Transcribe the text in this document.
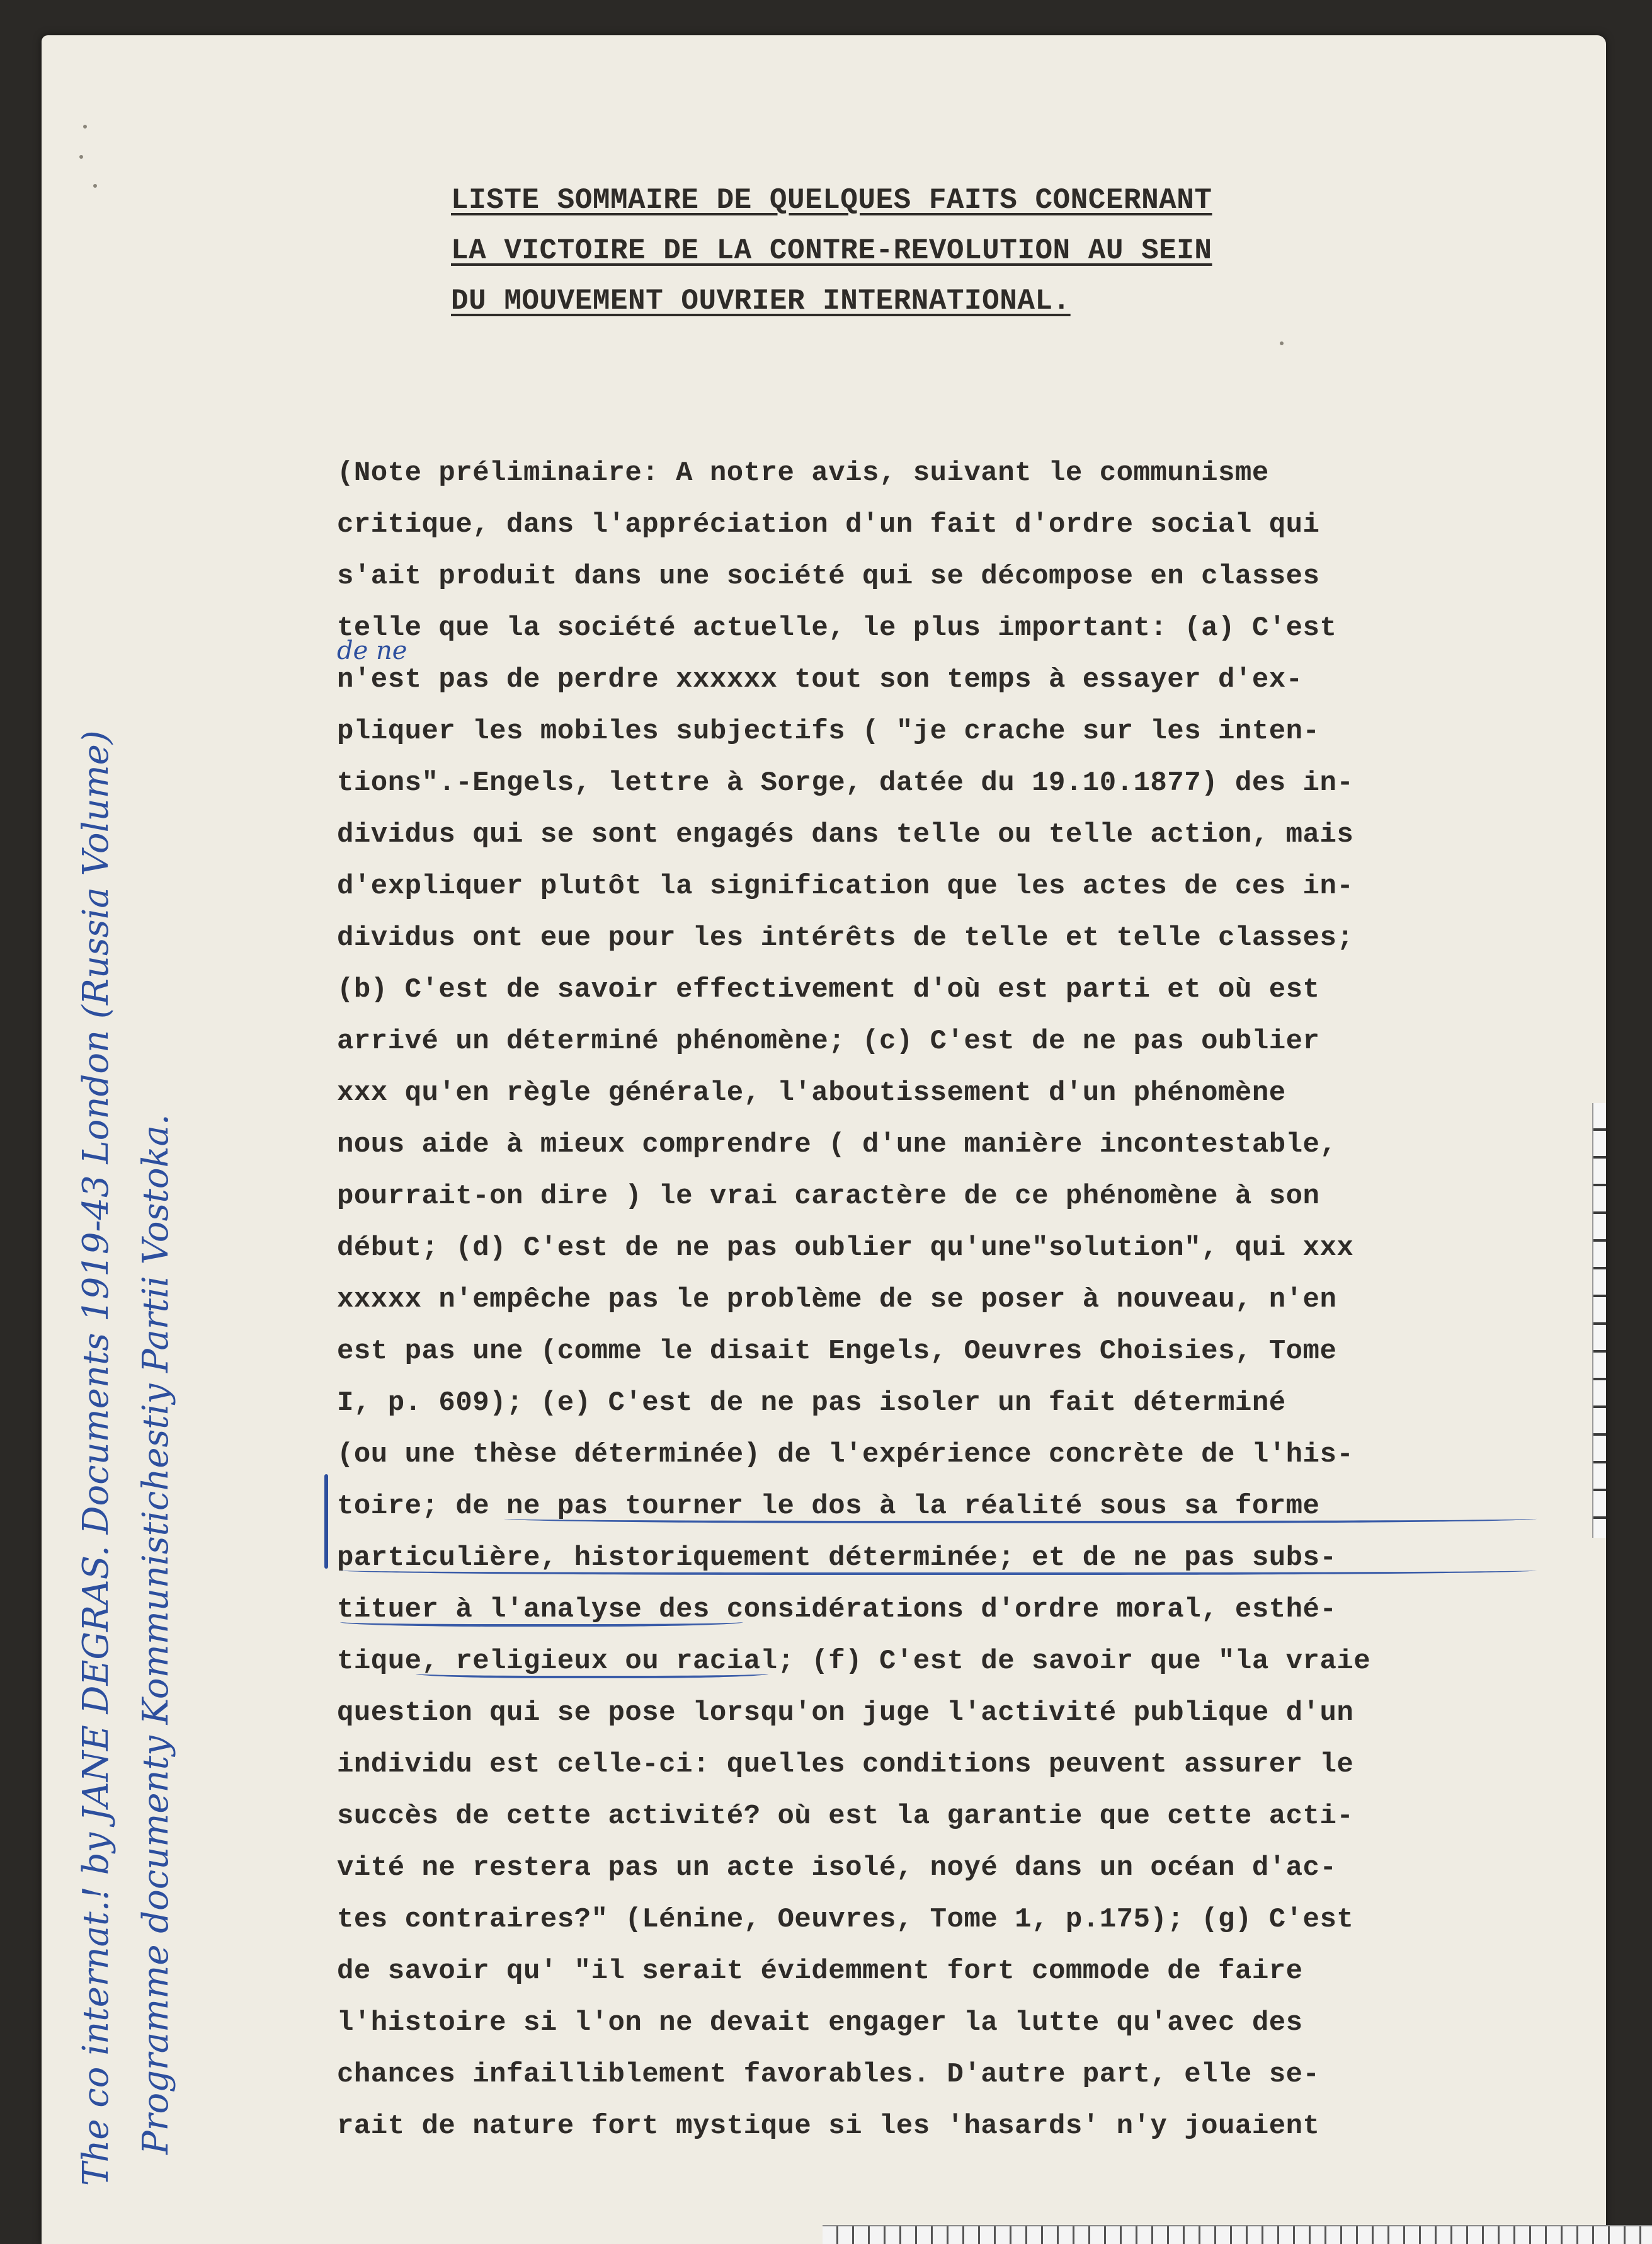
LISTE SOMMAIRE DE QUELQUES FAITS CONCERNANT
LA VICTOIRE DE LA CONTRE-REVOLUTION AU SEIN
DU MOUVEMENT OUVRIER INTERNATIONAL.
(Note préliminaire: A notre avis, suivant le communisme
critique, dans l'appréciation d'un fait d'ordre social qui
s'ait produit dans une société qui se décompose en classes
telle que la société actuelle, le plus important: (a) C'est
n'est pas de perdre xxxxxx tout son temps à essayer d'ex-
pliquer les mobiles subjectifs ( "je crache sur les inten-
tions".-Engels, lettre à Sorge, datée du 19.10.1877) des in-
dividus qui se sont engagés dans telle ou telle action, mais
d'expliquer plutôt la signification que les actes de ces in-
dividus ont eue pour les intérêts de telle et telle classes;
(b) C'est de savoir effectivement d'où est parti et où est
arrivé un déterminé phénomène; (c) C'est de ne pas oublier
xxx qu'en règle générale, l'aboutissement d'un phénomène
nous aide à mieux comprendre ( d'une manière incontestable,
pourrait-on dire ) le vrai caractère de ce phénomène à son
début; (d) C'est de ne pas oublier qu'une"solution", qui xxx
xxxxx n'empêche pas le problème de se poser à nouveau, n'en
est pas une (comme le disait Engels, Oeuvres Choisies, Tome
I, p. 609); (e) C'est de ne pas isoler un fait déterminé
(ou une thèse déterminée) de l'expérience concrète de l'his-
toire; de ne pas tourner le dos à la réalité sous sa forme
particulière, historiquement déterminée; et de ne pas subs-
tituer à l'analyse des considérations d'ordre moral, esthé-
tique, religieux ou racial; (f) C'est de savoir que "la vraie
question qui se pose lorsqu'on juge l'activité publique d'un
individu est celle-ci: quelles conditions peuvent assurer le
succès de cette activité? où est la garantie que cette acti-
vité ne restera pas un acte isolé, noyé dans un océan d'ac-
tes contraires?" (Lénine, Oeuvres, Tome 1, p.175); (g) C'est
de savoir qu' "il serait évidemment fort commode de faire
l'histoire si l'on ne devait engager la lutte qu'avec des
chances infailliblement favorables. D'autre part, elle se-
rait de nature fort mystique si les 'hasards' n'y jouaient
de ne
The co internat.! by JANE DEGRAS. Documents 1919-43 London (Russia Volume) Programme documenty Kommunistichestiy Partii Vostoka.
